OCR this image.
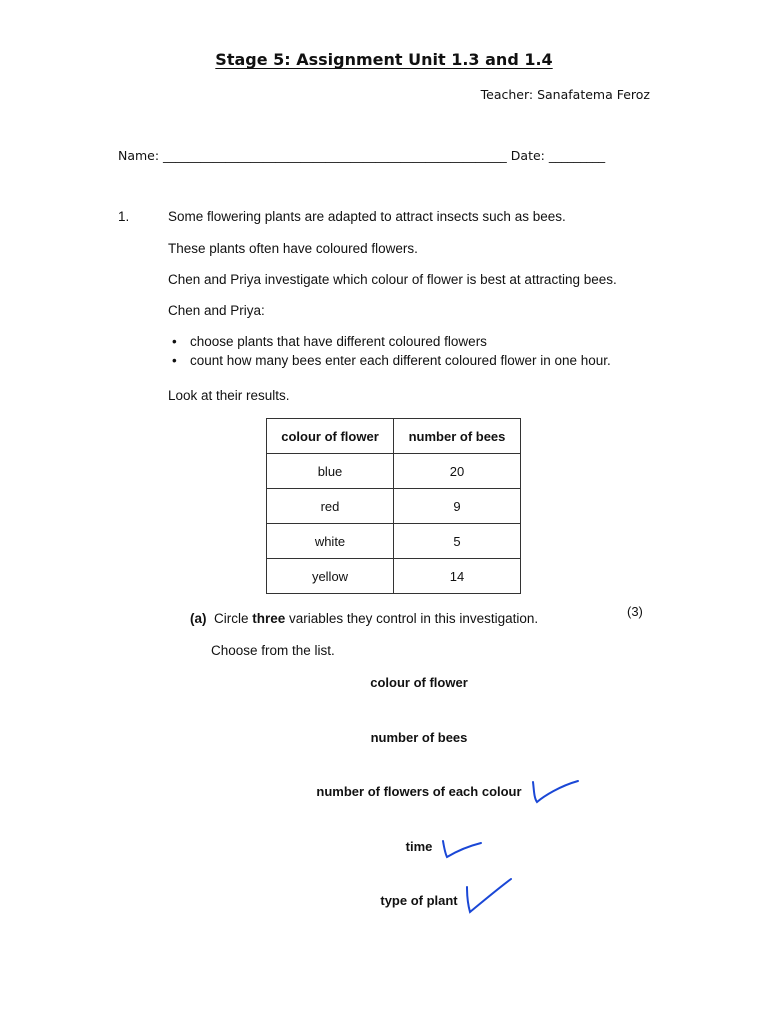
Stage 5: Assignment Unit 1.3 and 1.4
Teacher: Sanafatema Feroz
Name: _______________________________________________________ Date: _________
1.	Some flowering plants are adapted to attract insects such as bees.
These plants often have coloured flowers.
Chen and Priya investigate which colour of flower is best at attracting bees.
Chen and Priya:
• choose plants that have different coloured flowers
• count how many bees enter each different coloured flower in one hour.
Look at their results.
colour of flower	number of bees
blue	20
red	9
white	5
yellow	14
(3)
(a) Circle three variables they control in this investigation.
Choose from the list.
colour of flower
number of bees
number of flowers of each colour
time
type of plant
